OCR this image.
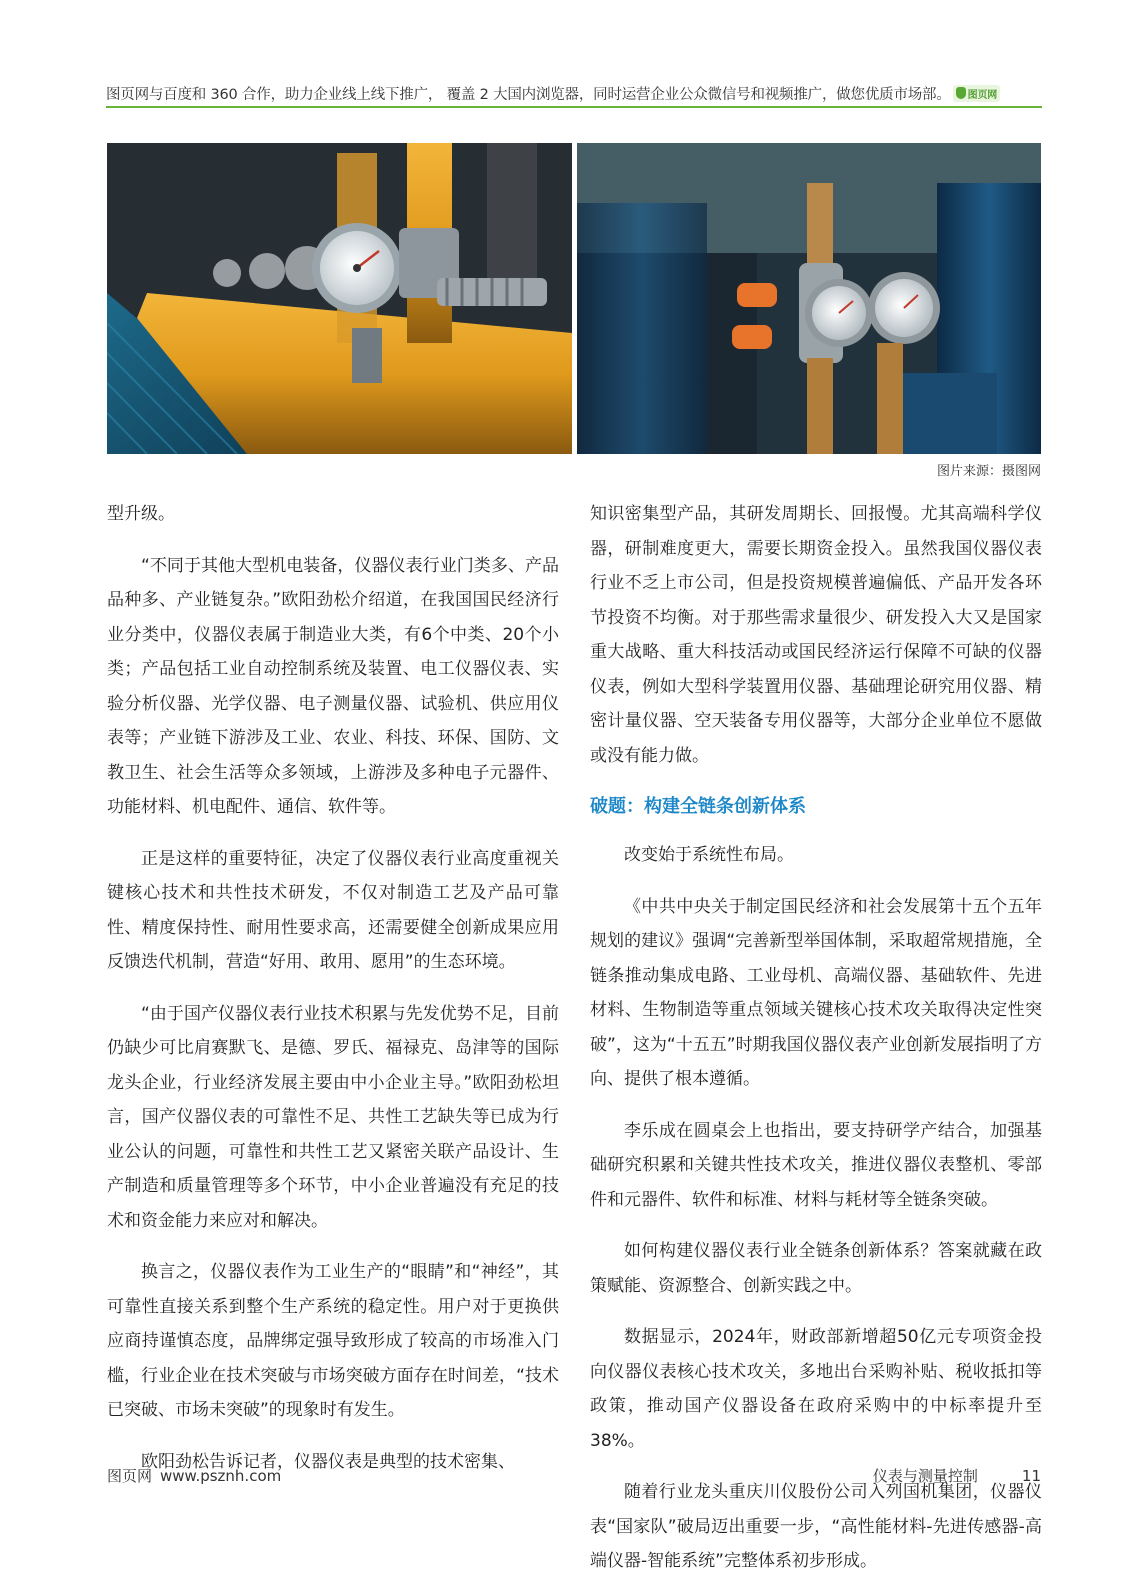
图页网与百度和 360 合作，助力企业线上线下推广， 覆盖 2 大国内浏览器，同时运营企业公众微信号和视频推广，做您优质市场部。 图页网
图片来源：摄图网

型升级。

“不同于其他大型机电装备，仪器仪表行业门类多、产品品种多、产业链复杂。”欧阳劲松介绍道，在我国国民经济行业分类中，仪器仪表属于制造业大类，有6个中类、20个小类；产品包括工业自动控制系统及装置、电工仪器仪表、实验分析仪器、光学仪器、电子测量仪器、试验机、供应用仪表等；产业链下游涉及工业、农业、科技、环保、国防、文教卫生、社会生活等众多领域，上游涉及多种电子元器件、功能材料、机电配件、通信、软件等。

正是这样的重要特征，决定了仪器仪表行业高度重视关键核心技术和共性技术研发，不仅对制造工艺及产品可靠性、精度保持性、耐用性要求高，还需要健全创新成果应用反馈迭代机制，营造“好用、敢用、愿用”的生态环境。

“由于国产仪器仪表行业技术积累与先发优势不足，目前仍缺少可比肩赛默飞、是德、罗氏、福禄克、岛津等的国际龙头企业，行业经济发展主要由中小企业主导。”欧阳劲松坦言，国产仪器仪表的可靠性不足、共性工艺缺失等已成为行业公认的问题，可靠性和共性工艺又紧密关联产品设计、生产制造和质量管理等多个环节，中小企业普遍没有充足的技术和资金能力来应对和解决。

换言之，仪器仪表作为工业生产的“眼睛”和“神经”，其可靠性直接关系到整个生产系统的稳定性。用户对于更换供应商持谨慎态度，品牌绑定强导致形成了较高的市场准入门槛，行业企业在技术突破与市场突破方面存在时间差，“技术已突破、市场未突破”的现象时有发生。

欧阳劲松告诉记者，仪器仪表是典型的技术密集、

知识密集型产品，其研发周期长、回报慢。尤其高端科学仪器，研制难度更大，需要长期资金投入。虽然我国仪器仪表行业不乏上市公司，但是投资规模普遍偏低、产品开发各环节投资不均衡。对于那些需求量很少、研发投入大又是国家重大战略、重大科技活动或国民经济运行保障不可缺的仪器仪表，例如大型科学装置用仪器、基础理论研究用仪器、精密计量仪器、空天装备专用仪器等，大部分企业单位不愿做或没有能力做。

破题：构建全链条创新体系

改变始于系统性布局。

《中共中央关于制定国民经济和社会发展第十五个五年规划的建议》强调“完善新型举国体制，采取超常规措施，全链条推动集成电路、工业母机、高端仪器、基础软件、先进材料、生物制造等重点领域关键核心技术攻关取得决定性突破”，这为“十五五”时期我国仪器仪表产业创新发展指明了方向、提供了根本遵循。

李乐成在圆桌会上也指出，要支持研学产结合，加强基础研究积累和关键共性技术攻关，推进仪器仪表整机、零部件和元器件、软件和标准、材料与耗材等全链条突破。

如何构建仪器仪表行业全链条创新体系？答案就藏在政策赋能、资源整合、创新实践之中。

数据显示，2024年，财政部新增超50亿元专项资金投向仪器仪表核心技术攻关，多地出台采购补贴、税收抵扣等政策，推动国产仪器设备在政府采购中的中标率提升至38%。

随着行业龙头重庆川仪股份公司入列国机集团，仪器仪表“国家队”破局迈出重要一步，“高性能材料-先进传感器-高端仪器-智能系统”完整体系初步形成。

图页网 www.psznh.com	仪表与测量控制	11
